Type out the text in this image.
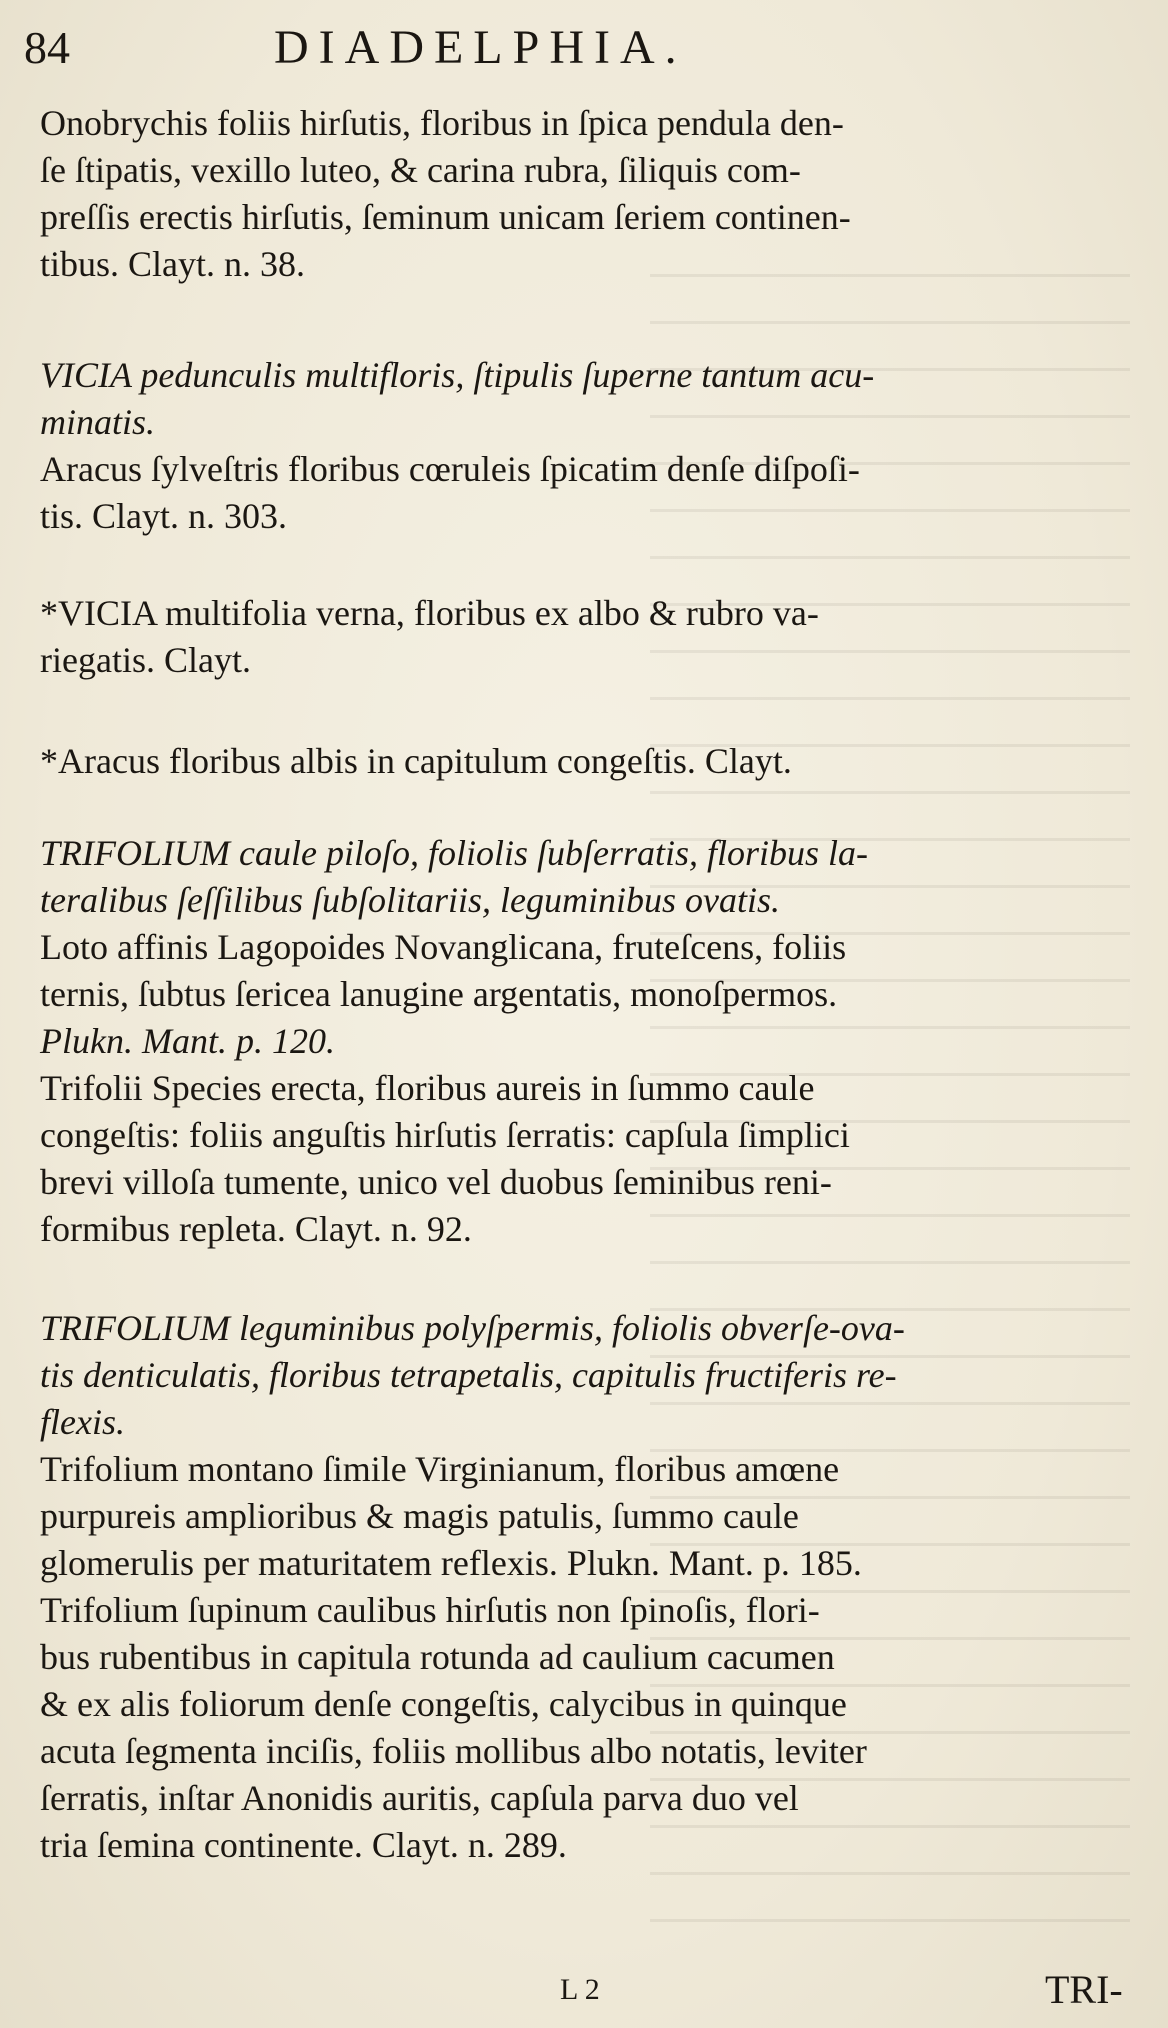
84	DIADELPHIA.
Onobrychis foliis hirſutis, floribus in ſpica pendula den-
ſe ſtipatis, vexillo luteo, & carina rubra, ſiliquis com-
preſſis erectis hirſutis, ſeminum unicam ſeriem continen-
tibus. Clayt. n. 38.
VICIA pedunculis multifloris, ſtipulis ſuperne tantum acu-
minatis.
Aracus ſylveſtris floribus cœruleis ſpicatim denſe diſpoſi-
tis. Clayt. n. 303.
*VICIA multifolia verna, floribus ex albo & rubro va-
riegatis. Clayt.
*Aracus floribus albis in capitulum congeſtis. Clayt.
TRIFOLIUM caule piloſo, foliolis ſubſerratis, floribus la-
teralibus ſeſſilibus ſubſolitariis, leguminibus ovatis.
Loto affinis Lagopoides Novanglicana, fruteſcens, foliis
ternis, ſubtus ſericea lanugine argentatis, monoſpermos.
Plukn. Mant. p. 120.
Trifolii Species erecta, floribus aureis in ſummo caule
congeſtis: foliis anguſtis hirſutis ſerratis: capſula ſimplici
brevi villoſa tumente, unico vel duobus ſeminibus reni-
formibus repleta. Clayt. n. 92.
TRIFOLIUM leguminibus polyſpermis, foliolis obverſe-ova-
tis denticulatis, floribus tetrapetalis, capitulis fructiferis re-
flexis.
Trifolium montano ſimile Virginianum, floribus amœne
purpureis amplioribus & magis patulis, ſummo caule
glomerulis per maturitatem reflexis. Plukn. Mant. p. 185.
Trifolium ſupinum caulibus hirſutis non ſpinoſis, flori-
bus rubentibus in capitula rotunda ad caulium cacumen
& ex alis foliorum denſe congeſtis, calycibus in quinque
acuta ſegmenta inciſis, foliis mollibus albo notatis, leviter
ſerratis, inſtar Anonidis auritis, capſula parva duo vel
tria ſemina continente. Clayt. n. 289.
L 2	TRI-
